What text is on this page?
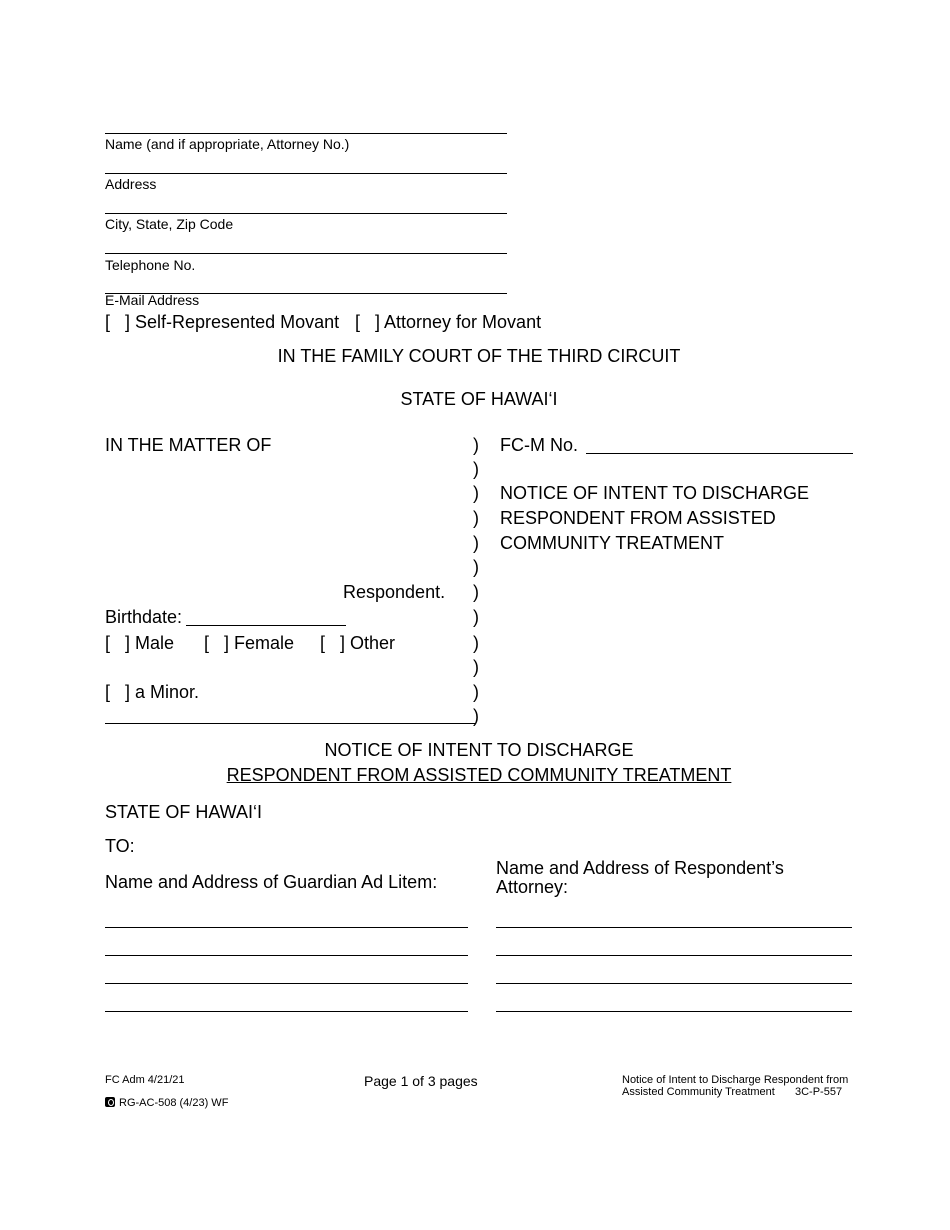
Name (and if appropriate, Attorney No.)
Address
City, State, Zip Code
Telephone No.
E-Mail Address
[   ] Self-Represented Movant [   ] Attorney for Movant
IN THE FAMILY COURT OF THE THIRD CIRCUIT
STATE OF HAWAI‘I
IN THE MATTER OF
Respondent.
Birthdate:
[   ] Male [   ] Female [   ] Other
[   ] a Minor.
)
)
)
)
)
)
)
)
)
)
)
)
FC-M No.
NOTICE OF INTENT TO DISCHARGE
RESPONDENT FROM ASSISTED
COMMUNITY TREATMENT
NOTICE OF INTENT TO DISCHARGE
RESPONDENT FROM ASSISTED COMMUNITY TREATMENT
STATE OF HAWAI‘I
TO:
Name and Address of Guardian Ad Litem:
Name and Address of Respondent’s
Attorney:
FC Adm 4/21/21
RG-AC-508 (4/23) WF
Page 1 of 3 pages	Notice of Intent to Discharge Respondent from
Assisted Community Treatment 3C-P-557
